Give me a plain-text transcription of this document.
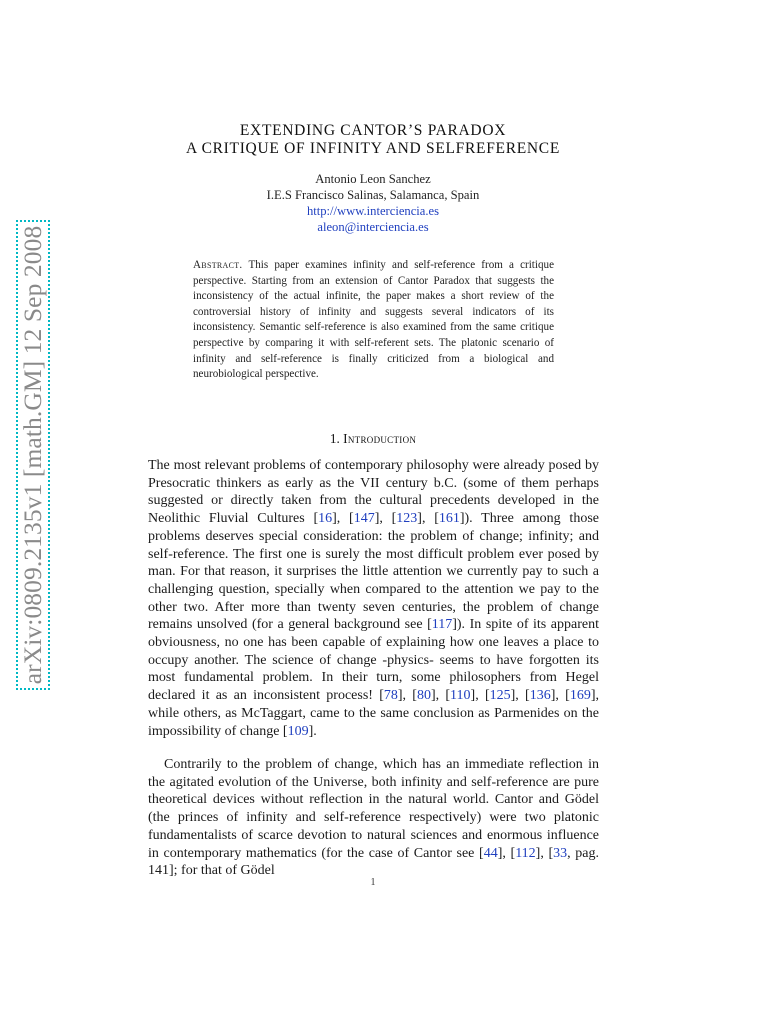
arXiv:0809.2135v1 [math.GM] 12 Sep 2008
EXTENDING CANTOR’S PARADOX
A CRITIQUE OF INFINITY AND SELFREFERENCE
Antonio Leon Sanchez
I.E.S Francisco Salinas, Salamanca, Spain
http://www.interciencia.es
aleon@interciencia.es
Abstract. This paper examines infinity and self-reference from a critique perspective. Starting from an extension of Cantor Paradox that suggests the inconsistency of the actual infinite, the paper makes a short review of the controversial history of infinity and suggests several indicators of its inconsistency. Semantic self-reference is also examined from the same critique perspective by comparing it with self-referent sets. The platonic scenario of infinity and self-reference is finally criticized from a biological and neurobiological perspective.
1. Introduction

The most relevant problems of contemporary philosophy were already posed by Presocratic thinkers as early as the VII century b.C. (some of them perhaps suggested or directly taken from the cultural precedents developed in the Neolithic Fluvial Cultures [16], [147], [123], [161]). Three among those problems deserves special consideration: the problem of change; infinity; and self-reference. The first one is surely the most difficult problem ever posed by man. For that reason, it surprises the little attention we currently pay to such a challenging question, specially when compared to the attention we pay to the other two. After more than twenty seven centuries, the problem of change remains unsolved (for a general background see [117]). In spite of its apparent obviousness, no one has been capable of explaining how one leaves a place to occupy another. The science of change -physics- seems to have forgotten its most fundamental problem. In their turn, some philosophers from Hegel declared it as an inconsistent process! [78], [80], [110], [125], [136], [169], while others, as McTaggart, came to the same conclusion as Parmenides on the impossibility of change [109].

Contrarily to the problem of change, which has an immediate reflection in the agitated evolution of the Universe, both infinity and self-reference are pure theoretical devices without reflection in the natural world. Cantor and Gödel (the princes of infinity and self-reference respectively) were two platonic fundamentalists of scarce devotion to natural sciences and enormous influence in contemporary mathematics (for the case of Cantor see [44], [112], [33, pag. 141]; for that of Gödel

1
